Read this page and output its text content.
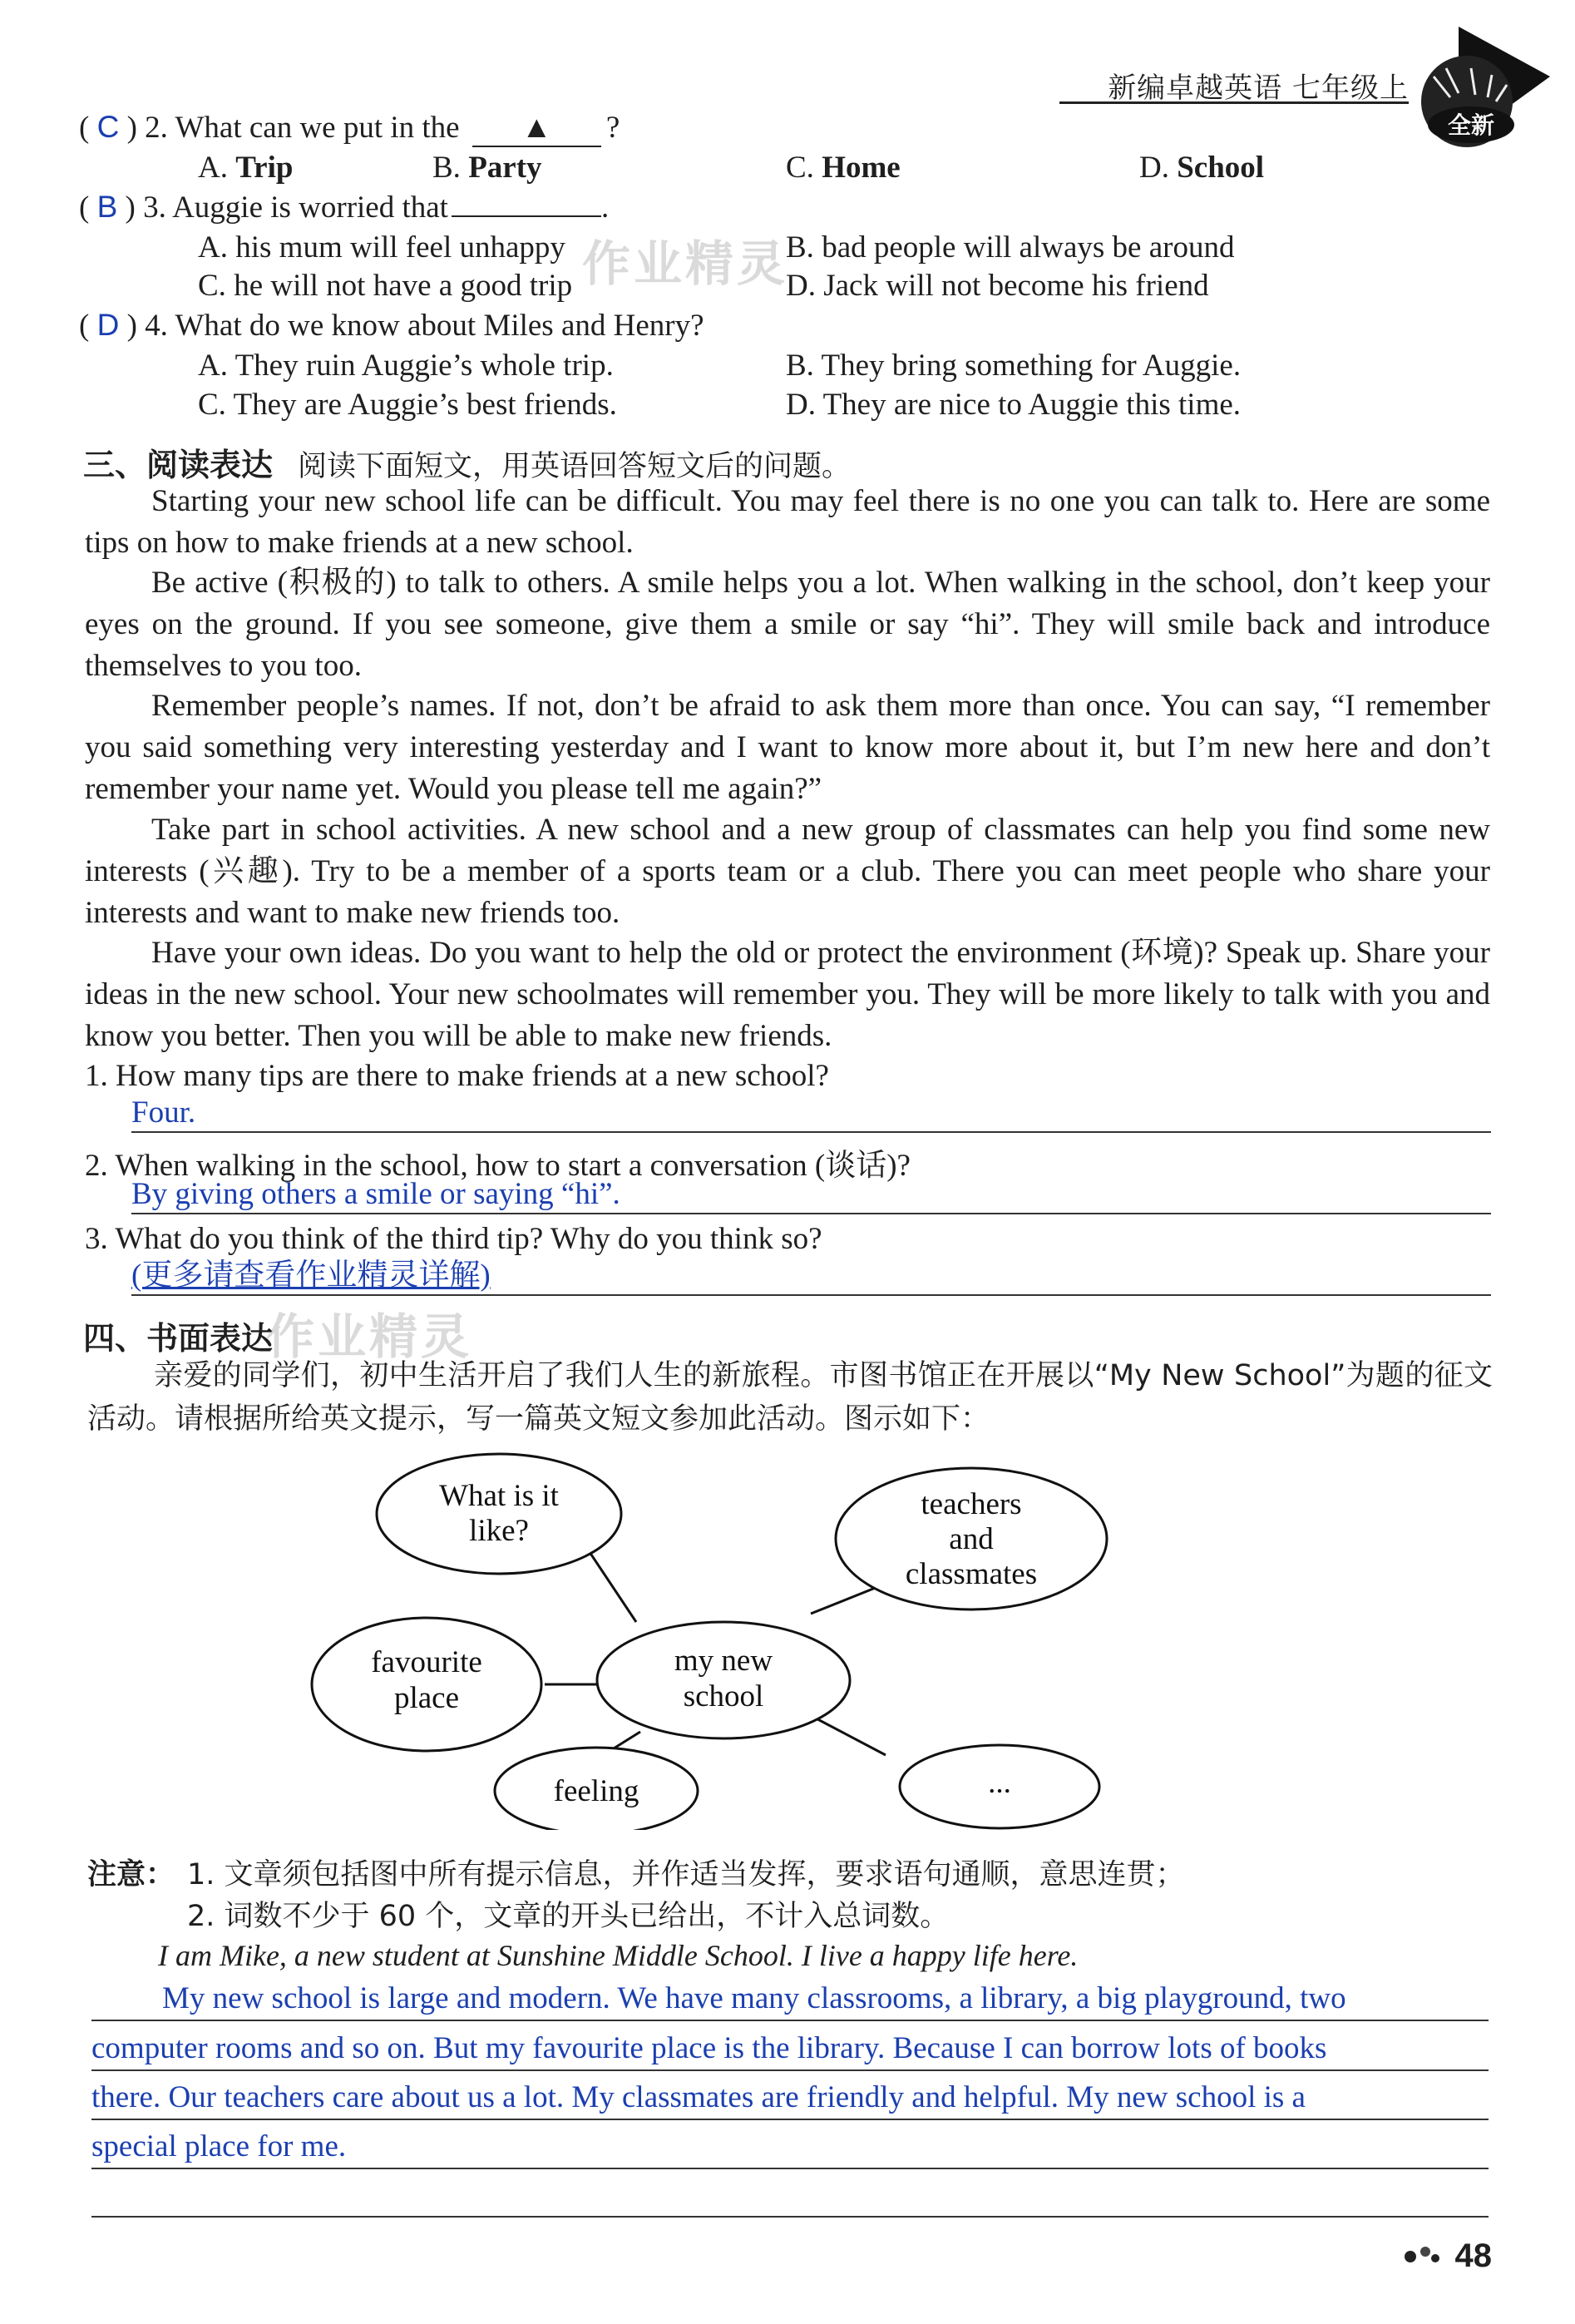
新编卓越英语 七年级上
全新
( C ) 2. What can we put in the ▲ ?
A. Trip	B. Party	C. Home	D. School
( B ) 3. Auggie is worried that	.
A. his mum will feel unhappy	B. bad people will always be around
C. he will not have a good trip	D. Jack will not become his friend
( D ) 4. What do we know about Miles and Henry?
A. They ruin Auggie’s whole trip.	B. They bring something for Auggie.
C. They are Auggie’s best friends.	D. They are nice to Auggie this time.
作业精灵
三、阅读表达 阅读下面短文，用英语回答短文后的问题。
Starting your new school life can be difficult. You may feel there is no one you can talk to. Here are some tips on how to make friends at a new school.
Be active (积极的) to talk to others. A smile helps you a lot. When walking in the school, don’t keep your eyes on the ground. If you see someone, give them a smile or say “hi”. They will smile back and introduce themselves to you too.
Remember people’s names. If not, don’t be afraid to ask them more than once. You can say, “I remember you said something very interesting yesterday and I want to know more about it, but I’m new here and don’t remember your name yet. Would you please tell me again?”
Take part in school activities. A new school and a new group of classmates can help you find some new interests (兴趣). Try to be a member of a sports team or a club. There you can meet people who share your interests and want to make new friends too.
Have your own ideas. Do you want to help the old or protect the environment (环境)? Speak up. Share your ideas in the new school. Your new schoolmates will remember you. They will be more likely to talk with you and know you better. Then you will be able to make new friends.
1. How many tips are there to make friends at a new school?
Four.
2. When walking in the school, how to start a conversation (谈话)?
By giving others a smile or saying “hi”.
3. What do you think of the third tip? Why do you think so?
(更多请查看作业精灵详解)
四、书面表达
作业精灵
亲爱的同学们，初中生活开启了我们人生的新旅程。市图书馆正在开展以“My New School”为题的征文活动。请根据所给英文提示，写一篇英文短文参加此活动。图示如下：
What is it
like?
teachers
and
classmates
favourite
place
my new
school
feeling	...
注意： 1. 文章须包括图中所有提示信息，并作适当发挥，要求语句通顺，意思连贯；
2. 词数不少于 60 个，文章的开头已给出，不计入总词数。
I am Mike, a new student at Sunshine Middle School. I live a happy life here.
My new school is large and modern. We have many classrooms, a library, a big playground, two
computer rooms and so on. But my favourite place is the library. Because I can borrow lots of books
there. Our teachers care about us a lot. My classmates are friendly and helpful. My new school is a
special place for me.
48
